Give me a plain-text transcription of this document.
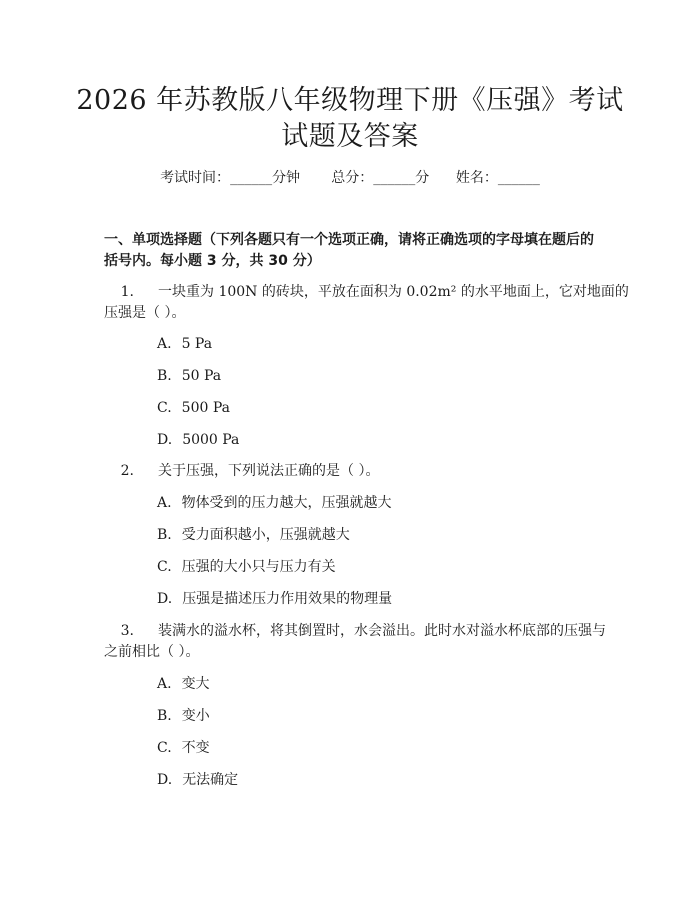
2026 年苏教版八年级物理下册《压强》考试
试题及答案
考试时间：______分钟 总分：______分 姓名：______

一、单项选择题（下列各题只有一个选项正确，请将正确选项的字母填在题后的

括号内。每小题 3 分，共 30 分）

1. 一块重为 100N 的砖块，平放在面积为 0.02m² 的水平地面上，它对地面的

压强是（ ）。

A. 5 Pa
B. 50 Pa
C. 500 Pa
D. 5000 Pa

2. 关于压强，下列说法正确的是（ ）。

A. 物体受到的压力越大，压强就越大
B. 受力面积越小，压强就越大
C. 压强的大小只与压力有关
D. 压强是描述压力作用效果的物理量

3. 装满水的溢水杯，将其倒置时，水会溢出。此时水对溢水杯底部的压强与

之前相比（ ）。

A. 变大
B. 变小
C. 不变
D. 无法确定
